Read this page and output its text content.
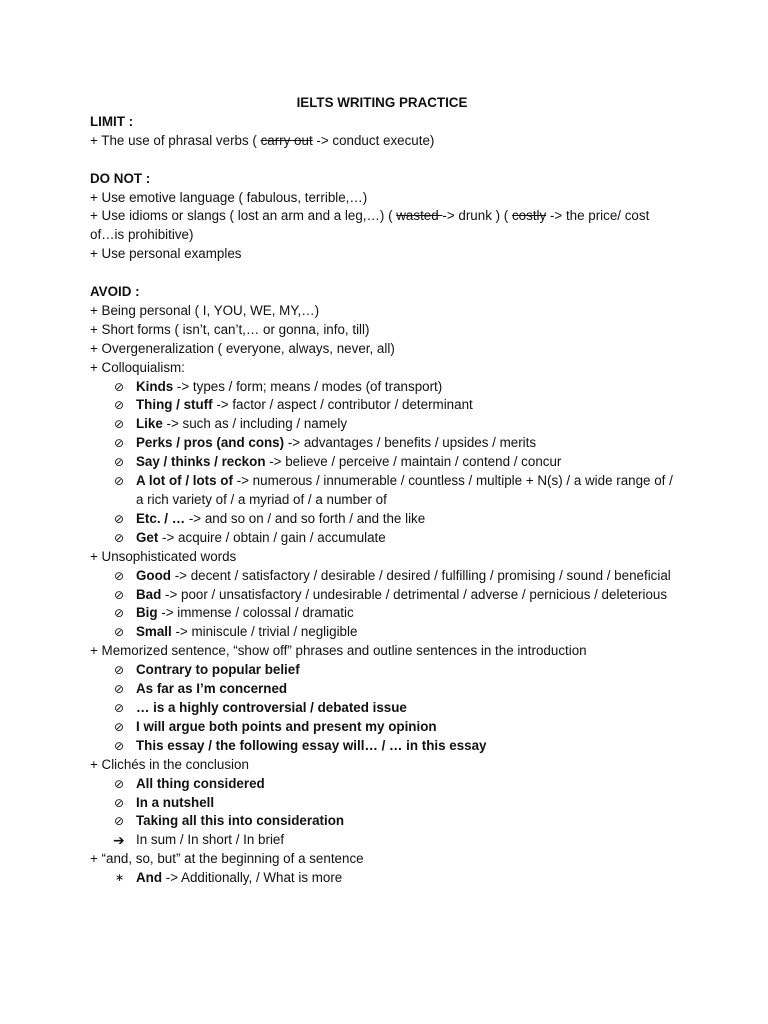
IELTS WRITING PRACTICE
LIMIT :
+ The use of phrasal verbs ( carry out -> conduct execute)
DO NOT :
+ Use emotive language ( fabulous, terrible,…)
+ Use idioms or slangs ( lost an arm and a leg,…) ( wasted -> drunk ) ( costly -> the price/ cost
of…is prohibitive)
+ Use personal examples
AVOID :
+ Being personal ( I, YOU, WE, MY,…)
+ Short forms ( isn’t, can’t,… or gonna, info, till)
+ Overgeneralization ( everyone, always, never, all)
+ Colloquialism:
⊘ Kinds -> types / form; means / modes (of transport)
⊘ Thing / stuff -> factor / aspect / contributor / determinant
⊘ Like -> such as / including / namely
⊘ Perks / pros (and cons) -> advantages / benefits / upsides / merits
⊘ Say / thinks / reckon -> believe / perceive / maintain / contend / concur
⊘ A lot of / lots of -> numerous / innumerable / countless / multiple + N(s) / a wide range of / a rich variety of / a myriad of / a number of
⊘ Etc. / … -> and so on / and so forth / and the like
⊘ Get -> acquire / obtain / gain / accumulate
+ Unsophisticated words
⊘ Good -> decent / satisfactory / desirable / desired / fulfilling / promising / sound / beneficial
⊘ Bad -> poor / unsatisfactory / undesirable / detrimental / adverse / pernicious / deleterious
⊘ Big -> immense / colossal / dramatic
⊘ Small -> miniscule / trivial / negligible
+ Memorized sentence, “show off” phrases and outline sentences in the introduction
⊘ Contrary to popular belief
⊘ As far as I’m concerned
⊘ … is a highly controversial / debated issue
⊘ I will argue both points and present my opinion
⊘ This essay / the following essay will… / … in this essay
+ Clichés in the conclusion
⊘ All thing considered
⊘ In a nutshell
⊘ Taking all this into consideration
➔ In sum / In short / In brief
+ “and, so, but” at the beginning of a sentence
∗ And -> Additionally, / What is more
